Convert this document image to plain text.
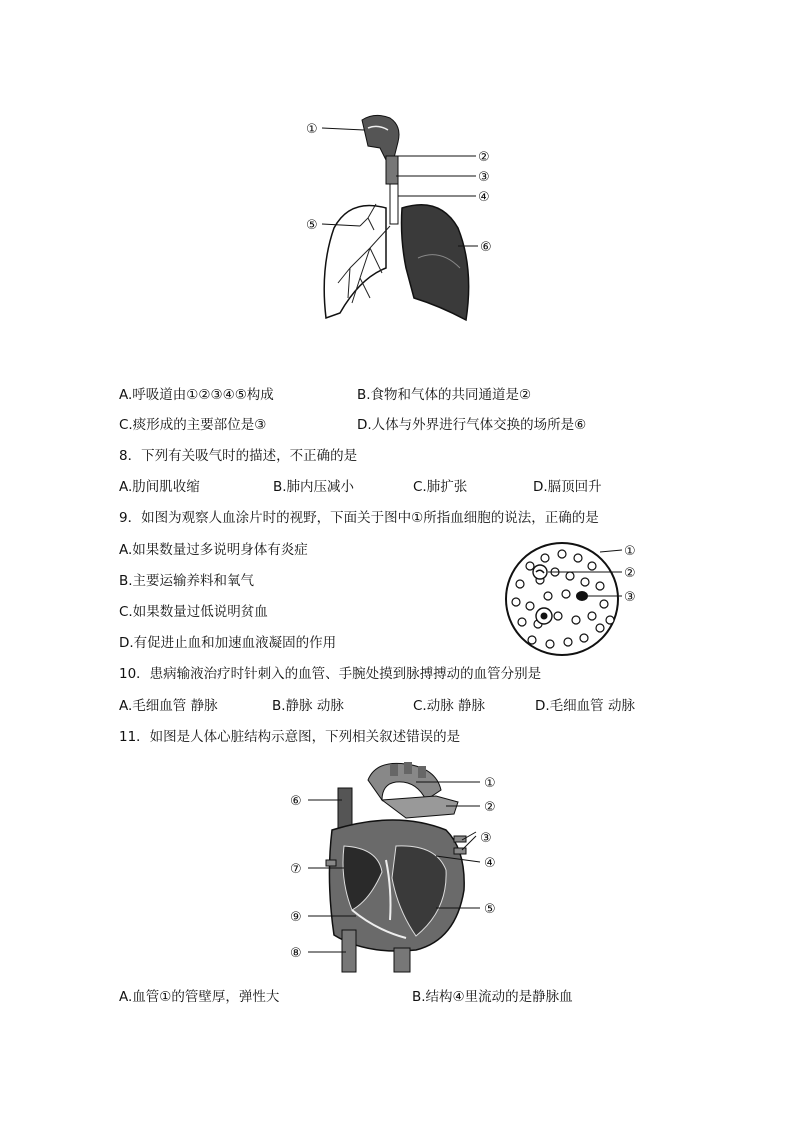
①
②
③
④
⑤
⑥
A.呼吸道由①②③④⑤构成	B.食物和气体的共同通道是②
C.痰形成的主要部位是③	D.人体与外界进行气体交换的场所是⑥
8．下列有关吸气时的描述，不正确的是
A.肋间肌收缩	B.肺内压减小	C.肺扩张	D.膈顶回升
9．如图为观察人血涂片时的视野，下面关于图中①所指血细胞的说法，正确的是
A.如果数量过多说明身体有炎症
B.主要运输养料和氧气
C.如果数量过低说明贫血
D.有促进止血和加速血液凝固的作用
①
②
③
10．患病输液治疗时针刺入的血管、手腕处摸到脉搏搏动的血管分别是
A.毛细血管 静脉	B.静脉 动脉	C.动脉 静脉	D.毛细血管 动脉
11．如图是人体心脏结构示意图，下列相关叙述错误的是
①
②
③
④
⑤
⑥
⑦
⑧
⑨
A.血管①的管壁厚，弹性大	B.结构④里流动的是静脉血
